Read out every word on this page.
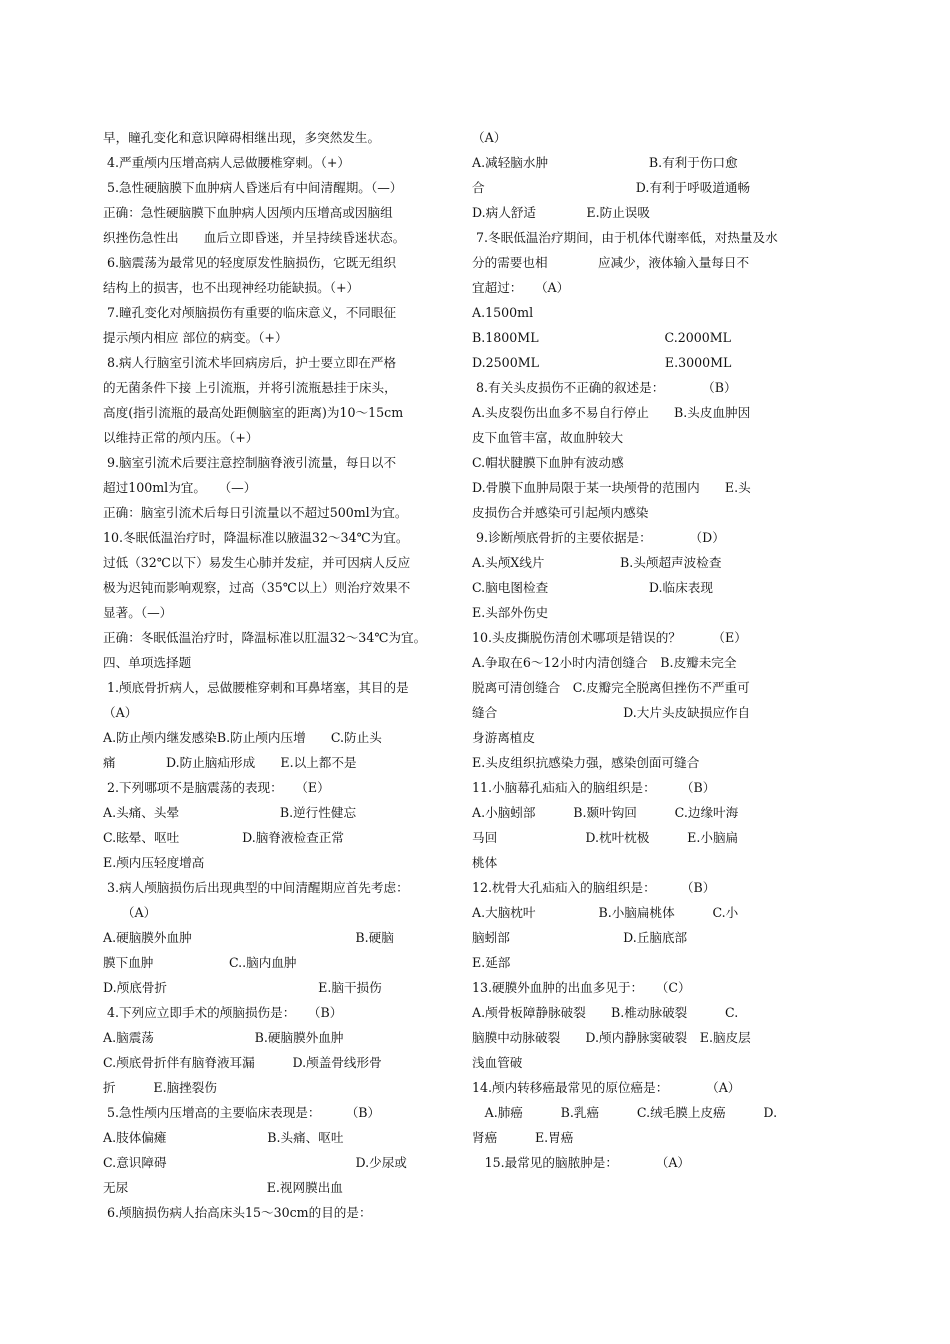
早，瞳孔变化和意识障碍相继出现，多突然发生。
4.严重颅内压增高病人忌做腰椎穿刺。（+）
5.急性硬脑膜下血肿病人昏迷后有中间清醒期。（—）
正确：急性硬脑膜下血肿病人因颅内压增高或因脑组
织挫伤急性出　　血后立即昏迷，并呈持续昏迷状态。
6.脑震荡为最常见的轻度原发性脑损伤，它既无组织
结构上的损害，也不出现神经功能缺损。（+）
7.瞳孔变化对颅脑损伤有重要的临床意义，不同眼征
提示颅内相应 部位的病变。（+）
8.病人行脑室引流术毕回病房后，护士要立即在严格
的无菌条件下接 上引流瓶，并将引流瓶悬挂于床头，
高度(指引流瓶的最高处距侧脑室的距离)为10～15cm
以维持正常的颅内压。（+）
9.脑室引流术后要注意控制脑脊液引流量，每日以不
超过100ml为宜。　　（—）
正确：脑室引流术后每日引流量以不超过500ml为宜。
10.冬眠低温治疗时，降温标准以腋温32～34℃为宜。
过低（32℃以下）易发生心肺并发症，并可因病人反应
极为迟钝而影响观察，过高（35℃以上）则治疗效果不
显著。（—）
正确：冬眠低温治疗时，降温标准以肛温32～34℃为宜。
四、单项选择题
1.颅底骨折病人，忌做腰椎穿刺和耳鼻堵塞，其目的是
（A）
A.防止颅内继发感染B.防止颅内压增　　C.防止头
痛　　　　D.防止脑疝形成　　E.以上都不是
2.下列哪项不是脑震荡的表现：　　（E）
A.头痛、头晕　　　　　　　　B.逆行性健忘
C.眩晕、呕吐　　　　　D.脑脊液检查正常
E.颅内压轻度增高
3.病人颅脑损伤后出现典型的中间清醒期应首先考虑：
　　（A）
A.硬脑膜外血肿　　　　　　　　　　　　　B.硬脑
膜下血肿　　　　　　C..脑内血肿
D.颅底骨折　　　　　　　　　　　　E.脑干损伤
4.下列应立即手术的颅脑损伤是：　　（B）
A.脑震荡　　　　　　　　B.硬脑膜外血肿
C.颅底骨折伴有脑脊液耳漏　　　D.颅盖骨线形骨
折　　　E.脑挫裂伤
5.急性颅内压增高的主要临床表现是：　　　（B）
A.肢体偏瘫　　　　　　　　B.头痛、呕吐
C.意识障碍　　　　　　　　　　　　　　　D.少尿或
无尿　　　　　　　　　　　E.视网膜出血
6.颅脑损伤病人抬高床头15～30cm的目的是：
（A）
A.减轻脑水肿　　　　　　　　B.有利于伤口愈
合　　　　　　　　　　　　D.有利于呼吸道通畅
D.病人舒适　　　　E.防止误吸
7.冬眠低温治疗期间，由于机体代谢率低，对热量及水
分的需要也相　　　　应减少，液体输入量每日不
宜超过：　　（A）
A.1500ml
B.1800ML　　　　　　　　　　C.2000ML
D.2500ML　　　　　　　　　　E.3000ML
8.有关头皮损伤不正确的叙述是：　　　　（B）
A.头皮裂伤出血多不易自行停止　　B.头皮血肿因
皮下血管丰富，故血肿较大
C.帽状腱膜下血肿有波动感
D.骨膜下血肿局限于某一块颅骨的范围内　　E.头
皮损伤合并感染可引起颅内感染
9.诊断颅底骨折的主要依据是：　　　　（D）
A.头颅X线片　　　　　　B.头颅超声波检查
C.脑电图检查　　　　　　　　D.临床表现
E.头部外伤史
10.头皮撕脱伤清创术哪项是错误的？　　　（E）
A.争取在6～12小时内清创缝合　B.皮瓣未完全
脱离可清创缝合　C.皮瓣完全脱离但挫伤不严重可
缝合　　　　　　　　　　D.大片头皮缺损应作自
身游离植皮
E.头皮组织抗感染力强，感染创面可缝合
11.小脑幕孔疝疝入的脑组织是：　　　（B）
A.小脑蚓部　　　B.颞叶钩回　　　C.边缘叶海
马回　　　　　　　D.枕叶枕极　　　E.小脑扁
桃体
12.枕骨大孔疝疝入的脑组织是：　　　（B）
A.大脑枕叶　　　　　B.小脑扁桃体　　　C.小
脑蚓部　　　　　　　　　D.丘脑底部
E.延部
13.硬膜外血肿的出血多见于：　　（C）
A.颅骨板障静脉破裂　　B.椎动脉破裂　　　C.
脑膜中动脉破裂　　D.颅内静脉窦破裂　E.脑皮层
浅血管破
14.颅内转移癌最常见的原位癌是：　　　　（A）
　A.肺癌　　　B.乳癌　　　C.绒毛膜上皮癌　　　D.
肾癌　　　E.胃癌
　15.最常见的脑脓肿是：　　　　（A）
